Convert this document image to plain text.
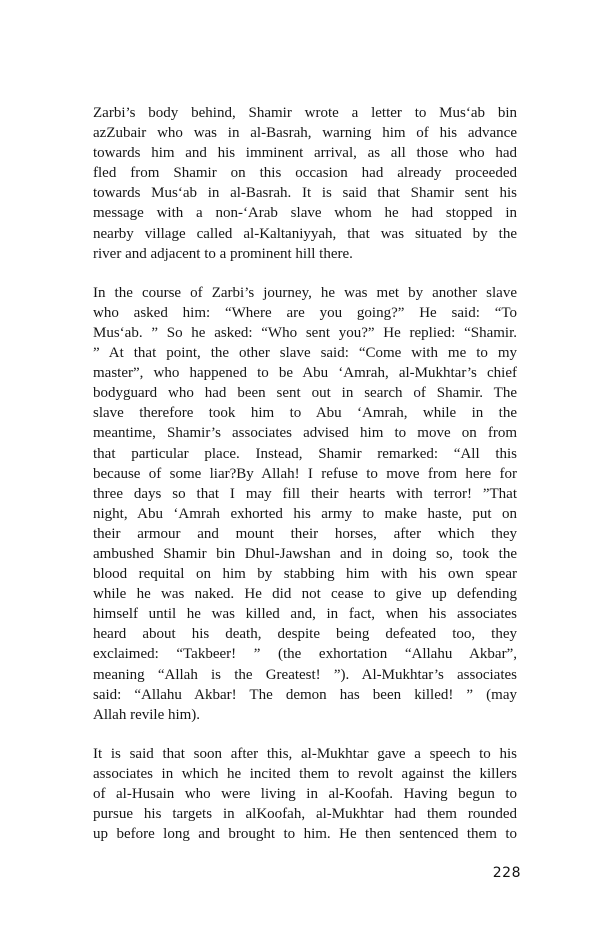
Zarbi’s body behind, Shamir wrote a letter to Mus‘ab bin
azZubair who was in al-Basrah, warning him of his advance
towards him and his imminent arrival, as all those who had
fled from Shamir on this occasion had already proceeded
towards Mus‘ab in al-Basrah. It is said that Shamir sent his
message with a non-‘Arab slave whom he had stopped in
nearby village called al-Kaltaniyyah, that was situated by the
river and adjacent to a prominent hill there.
In the course of Zarbi’s journey, he was met by another slave
who asked him: “Where are you going?” He said: “To
Mus‘ab. ” So he asked: “Who sent you?” He replied: “Shamir.
” At that point, the other slave said: “Come with me to my
master”, who happened to be Abu ‘Amrah, al-Mukhtar’s chief
bodyguard who had been sent out in search of Shamir. The
slave therefore took him to Abu ‘Amrah, while in the
meantime, Shamir’s associates advised him to move on from
that particular place. Instead, Shamir remarked: “All this
because of some liar?By Allah! I refuse to move from here for
three days so that I may fill their hearts with terror! ”That
night, Abu ‘Amrah exhorted his army to make haste, put on
their armour and mount their horses, after which they
ambushed Shamir bin Dhul-Jawshan and in doing so, took the
blood requital on him by stabbing him with his own spear
while he was naked. He did not cease to give up defending
himself until he was killed and, in fact, when his associates
heard about his death, despite being defeated too, they
exclaimed: “Takbeer! ” (the exhortation “Allahu Akbar”,
meaning “Allah is the Greatest! ”). Al-Mukhtar’s associates
said: “Allahu Akbar! The demon has been killed! ” (may
Allah revile him).
It is said that soon after this, al-Mukhtar gave a speech to his
associates in which he incited them to revolt against the killers
of al-Husain who were living in al-Koofah. Having begun to
pursue his targets in alKoofah, al-Mukhtar had them rounded
up before long and brought to him. He then sentenced them to
228
